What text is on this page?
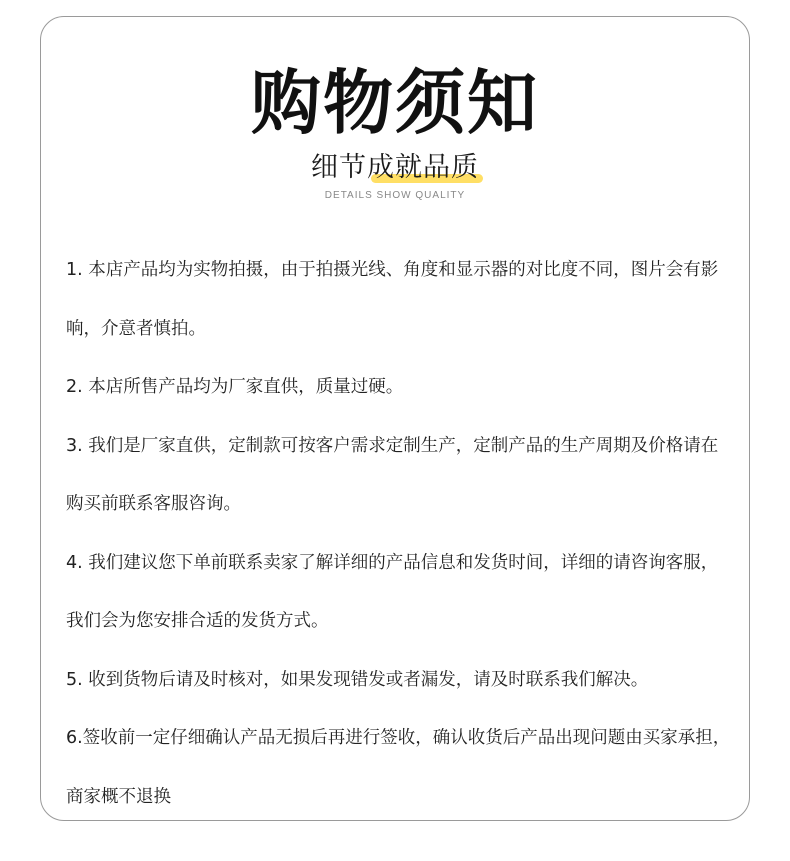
购物须知
细节成就品质
DETAILS SHOW QUALITY
1. 本店产品均为实物拍摄，由于拍摄光线、角度和显示器的对比度不同，图片会有影响，介意者慎拍。
2. 本店所售产品均为厂家直供，质量过硬。
3. 我们是厂家直供，定制款可按客户需求定制生产，定制产品的生产周期及价格请在购买前联系客服咨询。
4. 我们建议您下单前联系卖家了解详细的产品信息和发货时间，详细的请咨询客服，我们会为您安排合适的发货方式。
5. 收到货物后请及时核对，如果发现错发或者漏发，请及时联系我们解决。
6.签收前一定仔细确认产品无损后再进行签收，确认收货后产品出现问题由买家承担，商家概不退换
